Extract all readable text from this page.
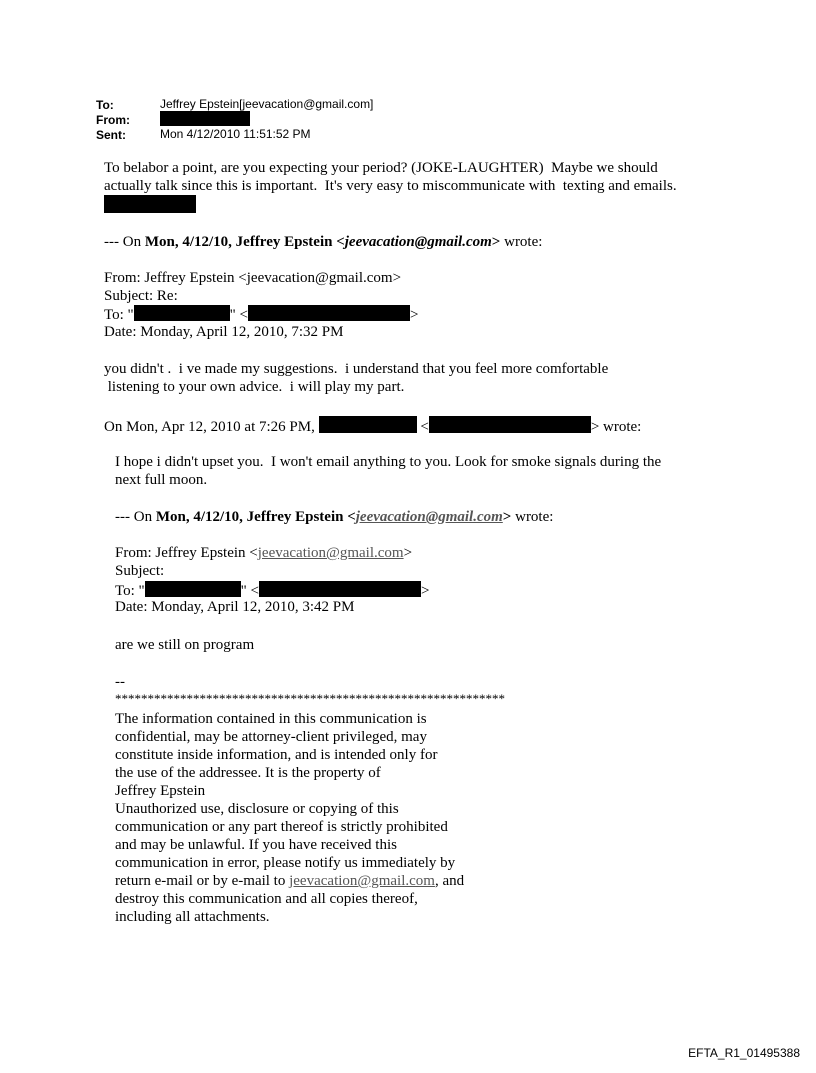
To:	Jeffrey Epstein[jeevacation@gmail.com]
From:
Sent:	Mon 4/12/2010 11:51:52 PM
To belabor a point, are you expecting your period? (JOKE-LAUGHTER)  Maybe we should
actually talk since this is important.  It's very easy to miscommunicate with  texting and emails.
--- On Mon, 4/12/10, Jeffrey Epstein <jeevacation@gmail.com> wrote:
From: Jeffrey Epstein <jeevacation@gmail.com>
Subject: Re:
To: "	" <	>
Date: Monday, April 12, 2010, 7:32 PM
you didn't .  i ve made my suggestions.  i understand that you feel more comfortable
listening to your own advice.  i will play my part.
On Mon, Apr 12, 2010 at 7:26 PM,	<	> wrote:
I hope i didn't upset you.  I won't email anything to you. Look for smoke signals during the
next full moon.
--- On Mon, 4/12/10, Jeffrey Epstein <jeevacation@gmail.com> wrote:
From: Jeffrey Epstein <jeevacation@gmail.com>
Subject:
To: "	" <	>
Date: Monday, April 12, 2010, 3:42 PM
are we still on program
--
************************************************************
The information contained in this communication is
confidential, may be attorney-client privileged, may
constitute inside information, and is intended only for
the use of the addressee. It is the property of
Jeffrey Epstein
Unauthorized use, disclosure or copying of this
communication or any part thereof is strictly prohibited
and may be unlawful. If you have received this
communication in error, please notify us immediately by
return e-mail or by e-mail to jeevacation@gmail.com, and
destroy this communication and all copies thereof,
including all attachments.
EFTA_R1_01495388
